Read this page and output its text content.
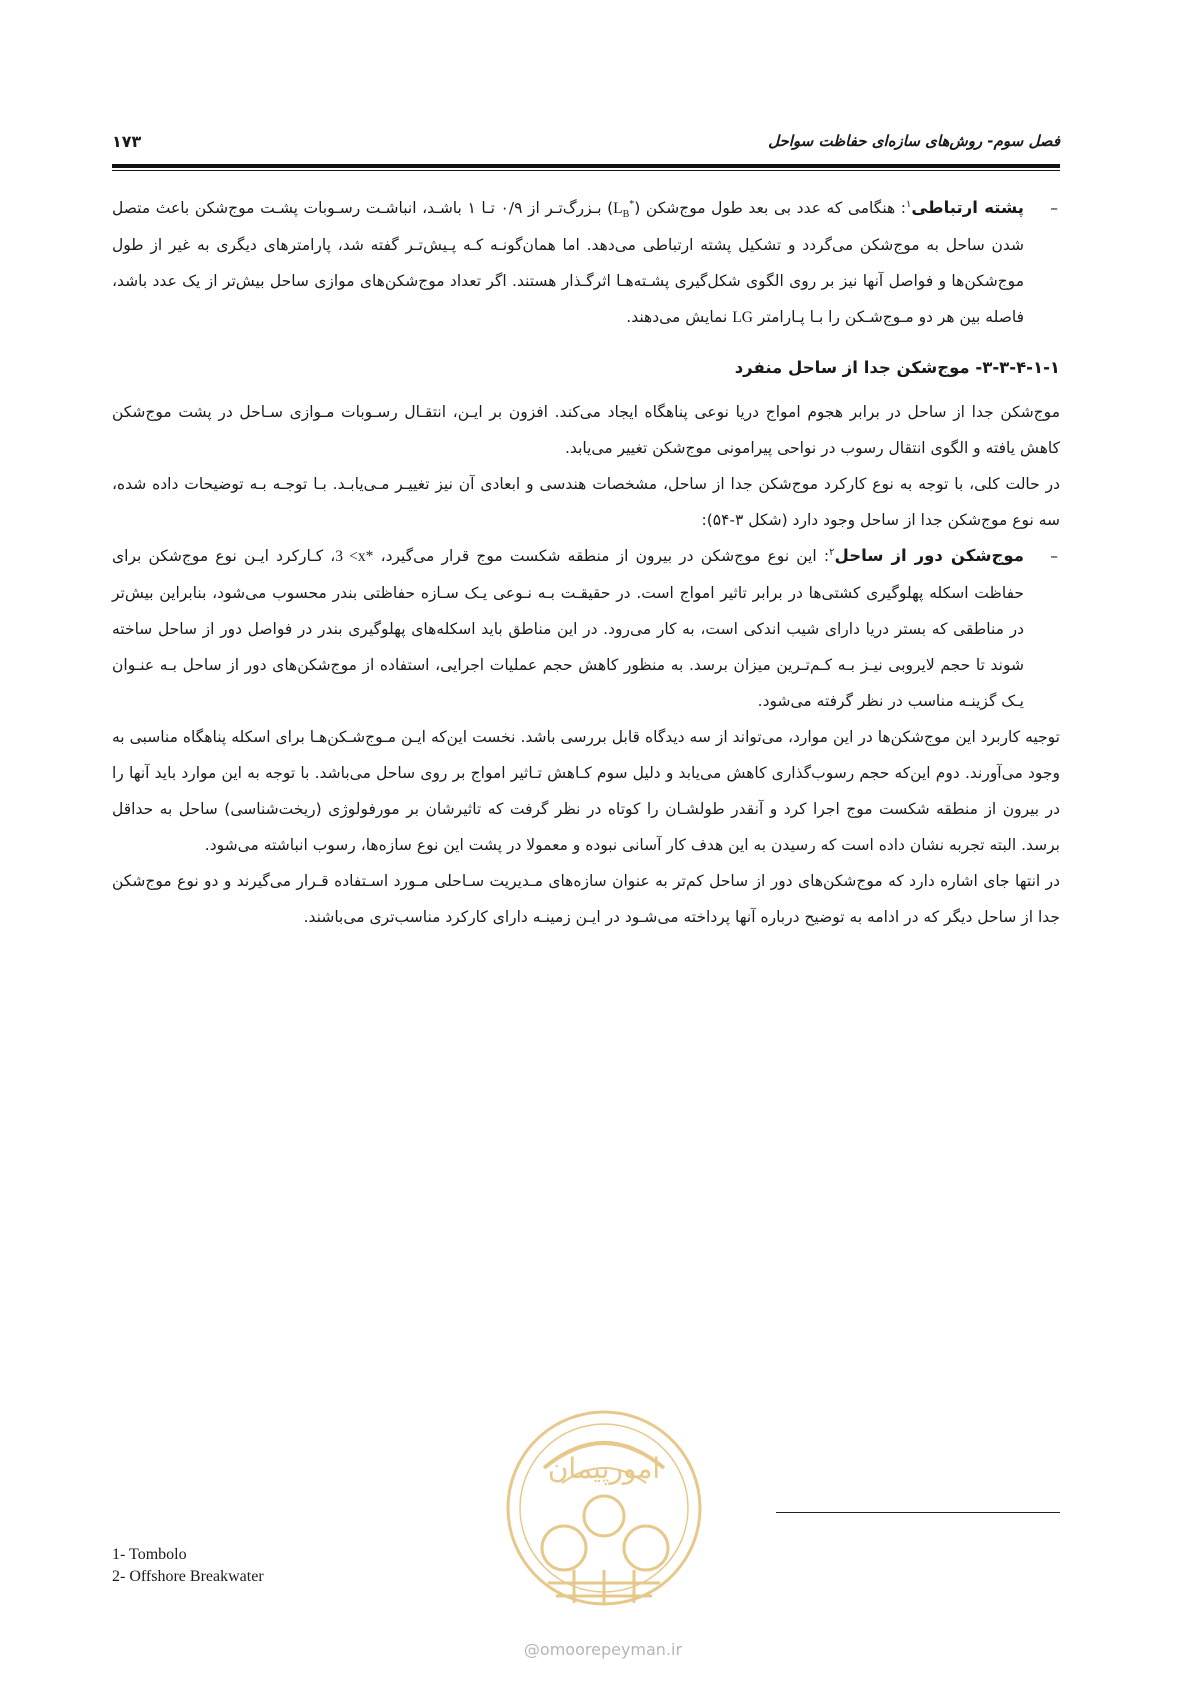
فصل سوم- روش‌های سازه‌ای حفاظت سواحل
۱۷۳

–
پشته ارتباطی$^۱$: هنگامی که عدد بی بعد طول موج‌شکن $(L_B^*)$ بـزرگ‌تـر از ۰/۹ تـا ۱ باشـد، انباشـت رسـوبات پشـت موج‌شکن باعث متصل شدن ساحل به موج‌شکن می‌گردد و تشکیل پشته ارتباطی می‌دهد. اما همان‌گونـه کـه پـیش‌تـر گفته شد، پارامترهای دیگری به غیر از طول موج‌شکن‌ها و فواصل آنها نیز بر روی الگوی شکل‌گیری پشـته‌هـا اثرگـذار هستند. اگر تعداد موج‌شکن‌های موازی ساحل بیش‌تر از یک عدد باشد، فاصله بین هر دو مـوج‌شـکن را بـا پـارامتر LG نمایش می‌دهند.

۳-۳-۴-۱-۱- موج‌شکن جدا از ساحل منفرد

موج‌شکن جدا از ساحل در برابر هجوم امواج دریا نوعی پناهگاه ایجاد می‌کند. افزون بر ایـن، انتقـال رسـوبات مـوازی سـاحل در پشت موج‌شکن کاهش یافته و الگوی انتقال رسوب در نواحی پیرامونی موج‌شکن تغییر می‌یابد.

در حالت کلی، با توجه به نوع کارکرد موج‌شکن جدا از ساحل، مشخصات هندسی و ابعادی آن نیز تغییـر مـی‌یابـد. بـا توجـه بـه توضیحات داده شده، سه نوع موج‌شکن جدا از ساحل وجود دارد (شکل ۳-۵۴):

–
موج‌شکن دور از ساحل$^۲$: این نوع موج‌شکن در بیرون از منطقه شکست موج قرار می‌گیرد، 3 <x*، کـارکرد ایـن نوع موج‌شکن برای حفاظت اسکله پهلوگیری کشتی‌ها در برابر تاثیر امواج است. در حقیقـت بـه نـوعی یـک سـازه حفاظتی بندر محسوب می‌شود، بنابراین بیش‌تر در مناطقی که بستر دریا دارای شیب اندکی است، به کار می‌رود. در این مناطق باید اسکله‌های پهلوگیری بندر در فواصل دور از ساحل ساخته شوند تا حجم لایروبی نیـز بـه کـم‌تـرین میزان برسد. به منظور کاهش حجم عملیات اجرایی، استفاده از موج‌شکن‌های دور از ساحل بـه عنـوان یـک گزینـه مناسب در نظر گرفته می‌شود.

توجیه کاربرد این موج‌شکن‌ها در این موارد، می‌تواند از سه دیدگاه قابل بررسی باشد. نخست این‌که ایـن مـوج‌شـکن‌هـا برای اسکله پناهگاه مناسبی به وجود می‌آورند. دوم این‌که حجم رسوب‌گذاری کاهش می‌یابد و دلیل سوم کـاهش تـاثیر امواج بر روی ساحل می‌باشد. با توجه به این موارد باید آنها را در بیرون از منطقه شکست موج اجرا کرد و آنقدر طولشـان را کوتاه در نظر گرفت که تاثیرشان بر مورفولوژی (ریخت‌شناسی) ساحل به حداقل برسد. البته تجربه نشان داده است که رسیدن به این هدف کار آسانی نبوده و معمولا در پشت این نوع سازه‌ها، رسوب انباشته می‌شود.

در انتها جای اشاره دارد که موج‌شکن‌های دور از ساحل کم‌تر به عنوان سازه‌های مـدیریت سـاحلی مـورد اسـتفاده قـرار می‌گیرند و دو نوع موج‌شکن جدا از ساحل دیگر که در ادامه به توضیح درباره آنها پرداخته می‌شـود در ایـن زمینـه دارای کارکرد مناسب‌تری می‌باشند.

امورپیمان
@omoorepeyman.ir
1- Tombolo
2- Offshore Breakwater
